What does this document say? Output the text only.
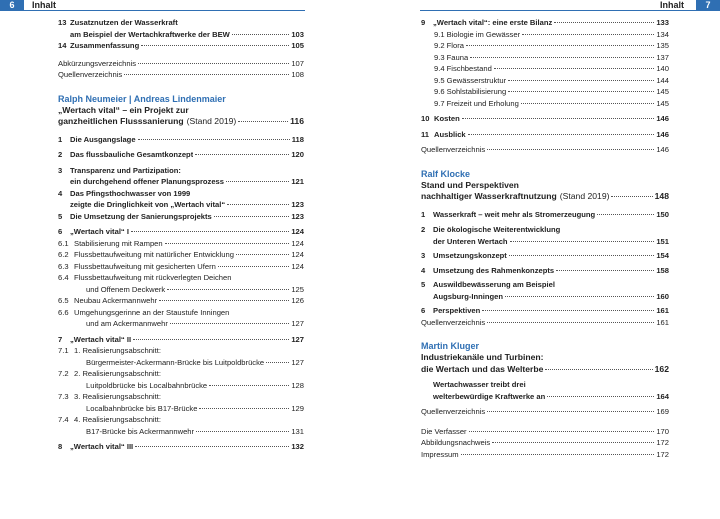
6	Inhalt
13 Zusatznutzen der Wasserkraft
am Beispiel der Wertachkraftwerke der BEW	103
14 Zusammenfassung	105
Abkürzungsverzeichnis	107
Quellenverzeichnis	108
Ralph Neumeier | Andreas Lindenmaier
„Wertach vital“ – ein Projekt zur
ganzheitlichen Flusssanierung (Stand 2019)	116
1	Die Ausgangslage	118
2	Das flussbauliche Gesamtkonzept	120
3	Transparenz und Partizipation:
ein durchgehend offener Planungsprozess	121
4	Das Pfingsthochwasser von 1999
zeigte die Dringlichkeit von „Wertach vital“	123
5	Die Umsetzung der Sanierungsprojekts	123
6	„Wertach vital“ I	124
6.1 Stabilisierung mit Rampen	124
6.2 Flussbettaufweitung mit natürlicher Entwicklung	124
6.3 Flussbettaufweitung mit gesicherten Ufern	124
6.4 Flussbettaufweitung mit rückverlegten Deichen
und Offenem Deckwerk	125
6.5 Neubau Ackermannwehr	126
6.6 Umgehungsgerinne an der Staustufe Inningen
und am Ackermannwehr	127
7	„Wertach vital“ II	127
7.1 1. Realisierungsabschnitt:
Bürgermeister-Ackermann-Brücke bis Luitpoldbrücke	127
7.2 2. Realisierungsabschnitt:
Luitpoldbrücke bis Localbahnbrücke	128
7.3 3. Realisierungsabschnitt:
Localbahnbrücke bis B17-Brücke	129
7.4 4. Realisierungsabschnitt:
B17-Brücke bis Ackermannwehr	131
8	„Wertach vital“ III	132
7
Inhalt
9	„Wertach vital“: eine erste Bilanz	133
9.1 Biologie im Gewässer	134
9.2 Flora	135
9.3 Fauna	137
9.4 Fischbestand	140
9.5 Gewässerstruktur	144
9.6 Sohlstabilisierung	145
9.7 Freizeit und Erholung	145
10 Kosten	146
11 Ausblick	146
Quellenverzeichnis	146
Ralf Klocke
Stand und Perspektiven
nachhaltiger Wasserkraftnutzung (Stand 2019)	148
1	Wasserkraft – weit mehr als Stromerzeugung	150
2	Die ökologische Weiterentwicklung
der Unteren Wertach	151
3	Umsetzungskonzept	154
4	Umsetzung des Rahmenkonzepts	158
5	Auswildbewässerung am Beispiel
Augsburg-Inningen	160
6	Perspektiven	161
Quellenverzeichnis	161
Martin Kluger
Industriekanäle und Turbinen:
die Wertach und das Welterbe	162
Wertachwasser treibt drei
welterbewürdige Kraftwerke an	164
Quellenverzeichnis	169
Die Verfasser	170
Abbildungsnachweis	172
Impressum	172
